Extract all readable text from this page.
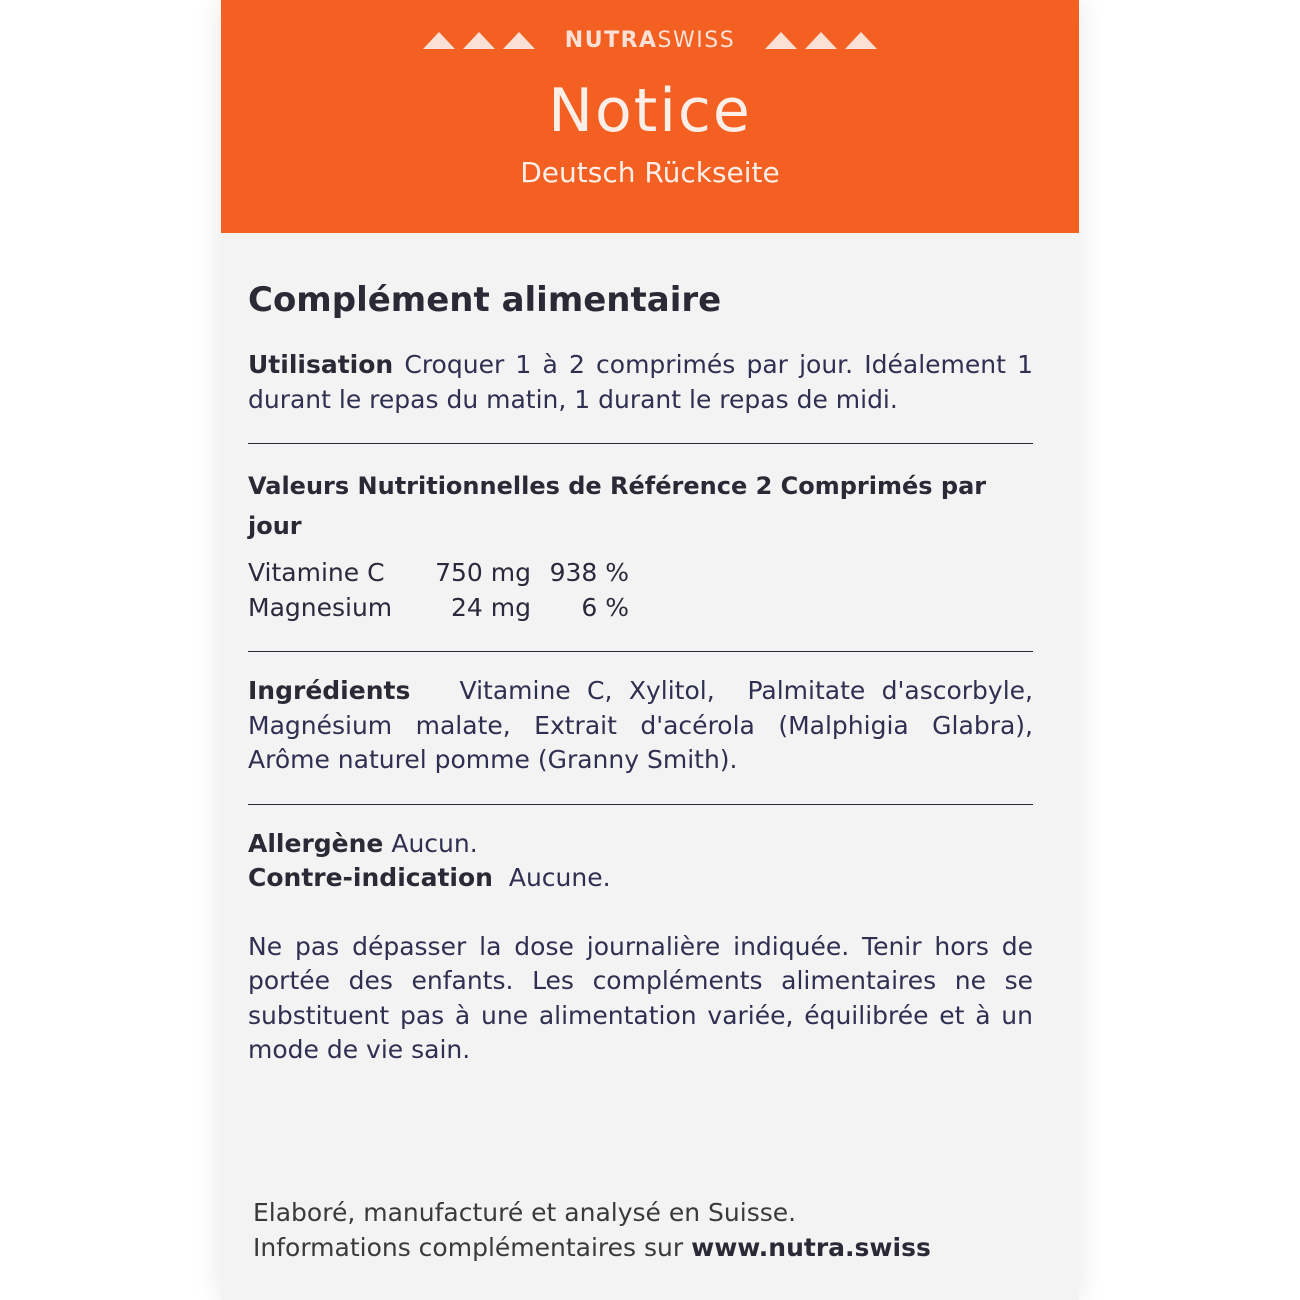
NUTRASWISS
Notice
Deutsch Rückseite
Complément alimentaire

Utilisation Croquer 1 à 2 comprimés par jour. Idéalement 1 durant le repas du matin, 1 durant le repas de midi.

Valeurs Nutritionnelles de Référence 2 Comprimés par jour
Vitamine C	750 mg 938 %
Magnesium	24 mg	6 %

Ingrédients   Vitamine C, Xylitol,  Palmitate d'ascorbyle, Magnésium malate, Extrait d'acérola (Malphigia Glabra), Arôme naturel pomme (Granny Smith).

Allergène Aucun.
Contre-indication  Aucune.

Ne pas dépasser la dose journalière indiquée. Tenir hors de portée des enfants. Les compléments alimentaires ne se substituent pas à une alimentation variée, équilibrée et à un mode de vie sain.

Elaboré, manufacturé et analysé en Suisse.
Informations complémentaires sur www.nutra.swiss
